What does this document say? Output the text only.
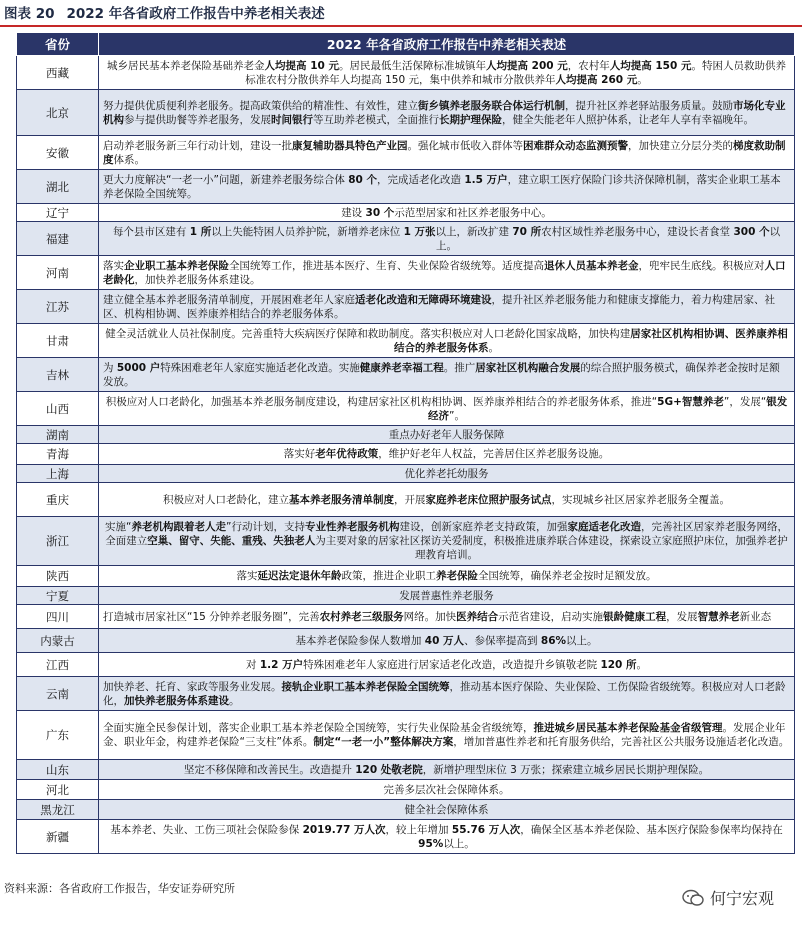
图表 20 2022 年各省政府工作报告中养老相关表述
省份	2022 年各省政府工作报告中养老相关表述
西藏	城乡居民基本养老保险基础养老金人均提高 10 元。居民最低生活保障标准城镇年人均提高 200 元，农村年人均提高 150 元。特困人员救助供养标准农村分散供养年人均提高 150 元，集中供养和城市分散供养年人均提高 260 元。
北京	努力提供优质便利养老服务。提高政策供给的精准性、有效性，建立街乡镇养老服务联合体运行机制，提升社区养老驿站服务质量。鼓励市场化专业机构参与提供助餐等养老服务，发展时间银行等互助养老模式，全面推行长期护理保险，健全失能老年人照护体系，让老年人享有幸福晚年。
安徽	启动养老服务新三年行动计划，建设一批康复辅助器具特色产业园。强化城市低收入群体等困难群众动态监测预警，加快建立分层分类的梯度救助制度体系。
湖北	更大力度解决“一老一小”问题，新建养老服务综合体 80 个，完成适老化改造 1.5 万户，建立职工医疗保险门诊共济保障机制，落实企业职工基本养老保险全国统筹。
辽宁	建设 30 个示范型居家和社区养老服务中心。
福建	每个县市区建有 1 所以上失能特困人员养护院，新增养老床位 1 万张以上，新改扩建 70 所农村区域性养老服务中心，建设长者食堂 300 个以上。
河南	落实企业职工基本养老保险全国统筹工作，推进基本医疗、生育、失业保险省级统筹。适度提高退休人员基本养老金，兜牢民生底线。积极应对人口老龄化，加快养老服务体系建设。
江苏	建立健全基本养老服务清单制度，开展困难老年人家庭适老化改造和无障碍环境建设，提升社区养老服务能力和健康支撑能力，着力构建居家、社区、机构相协调、医养康养相结合的养老服务体系。
甘肃	健全灵活就业人员社保制度。完善重特大疾病医疗保障和救助制度。落实积极应对人口老龄化国家战略，加快构建居家社区机构相协调、医养康养相结合的养老服务体系。
吉林	为 5000 户特殊困难老年人家庭实施适老化改造。实施健康养老幸福工程。推广居家社区机构融合发展的综合照护服务模式，确保养老金按时足额发放。
山西	积极应对人口老龄化，加强基本养老服务制度建设，构建居家社区机构相协调、医养康养相结合的养老服务体系，推进“5G+智慧养老”，发展“银发经济”。
湖南	重点办好老年人服务保障
青海	落实好老年优待政策，维护好老年人权益，完善居住区养老服务设施。
上海	优化养老托幼服务
重庆	积极应对人口老龄化，建立基本养老服务清单制度，开展家庭养老床位照护服务试点，实现城乡社区居家养老服务全覆盖。
浙江	实施“养老机构跟着老人走”行动计划，支持专业性养老服务机构建设，创新家庭养老支持政策，加强家庭适老化改造，完善社区居家养老服务网络，全面建立空巢、留守、失能、重残、失独老人为主要对象的居家社区探访关爱制度，积极推进康养联合体建设，探索设立家庭照护床位，加强养老护理教育培训。
陕西	落实延迟法定退休年龄政策，推进企业职工养老保险全国统筹，确保养老金按时足额发放。
宁夏	发展普惠性养老服务
四川	打造城市居家社区“15 分钟养老服务圈”，完善农村养老三级服务网络。加快医养结合示范省建设，启动实施银龄健康工程，发展智慧养老新业态
内蒙古	基本养老保险参保人数增加 40 万人、参保率提高到 86%以上。
江西	对 1.2 万户特殊困难老年人家庭进行居家适老化改造，改造提升乡镇敬老院 120 所。
云南	加快养老、托育、家政等服务业发展。接轨企业职工基本养老保险全国统筹，推动基本医疗保险、失业保险、工伤保险省级统筹。积极应对人口老龄化，加快养老服务体系建设。
广东	全面实施全民参保计划，落实企业职工基本养老保险全国统筹，实行失业保险基金省级统筹，推进城乡居民基本养老保险基金省级管理。发展企业年金、职业年金，构建养老保险“三支柱”体系。制定“一老一小”整体解决方案，增加普惠性养老和托育服务供给，完善社区公共服务设施适老化改造。
山东	坚定不移保障和改善民生。改造提升 120 处敬老院，新增护理型床位 3 万张；探索建立城乡居民长期护理保险。
河北	完善多层次社会保障体系。
黑龙江	健全社会保障体系
新疆	基本养老、失业、工伤三项社会保险参保 2019.77 万人次，较上年增加 55.76 万人次，确保全区基本养老保险、基本医疗保险参保率均保持在 95%以上。
资料来源：各省政府工作报告，华安证券研究所
何宁宏观
